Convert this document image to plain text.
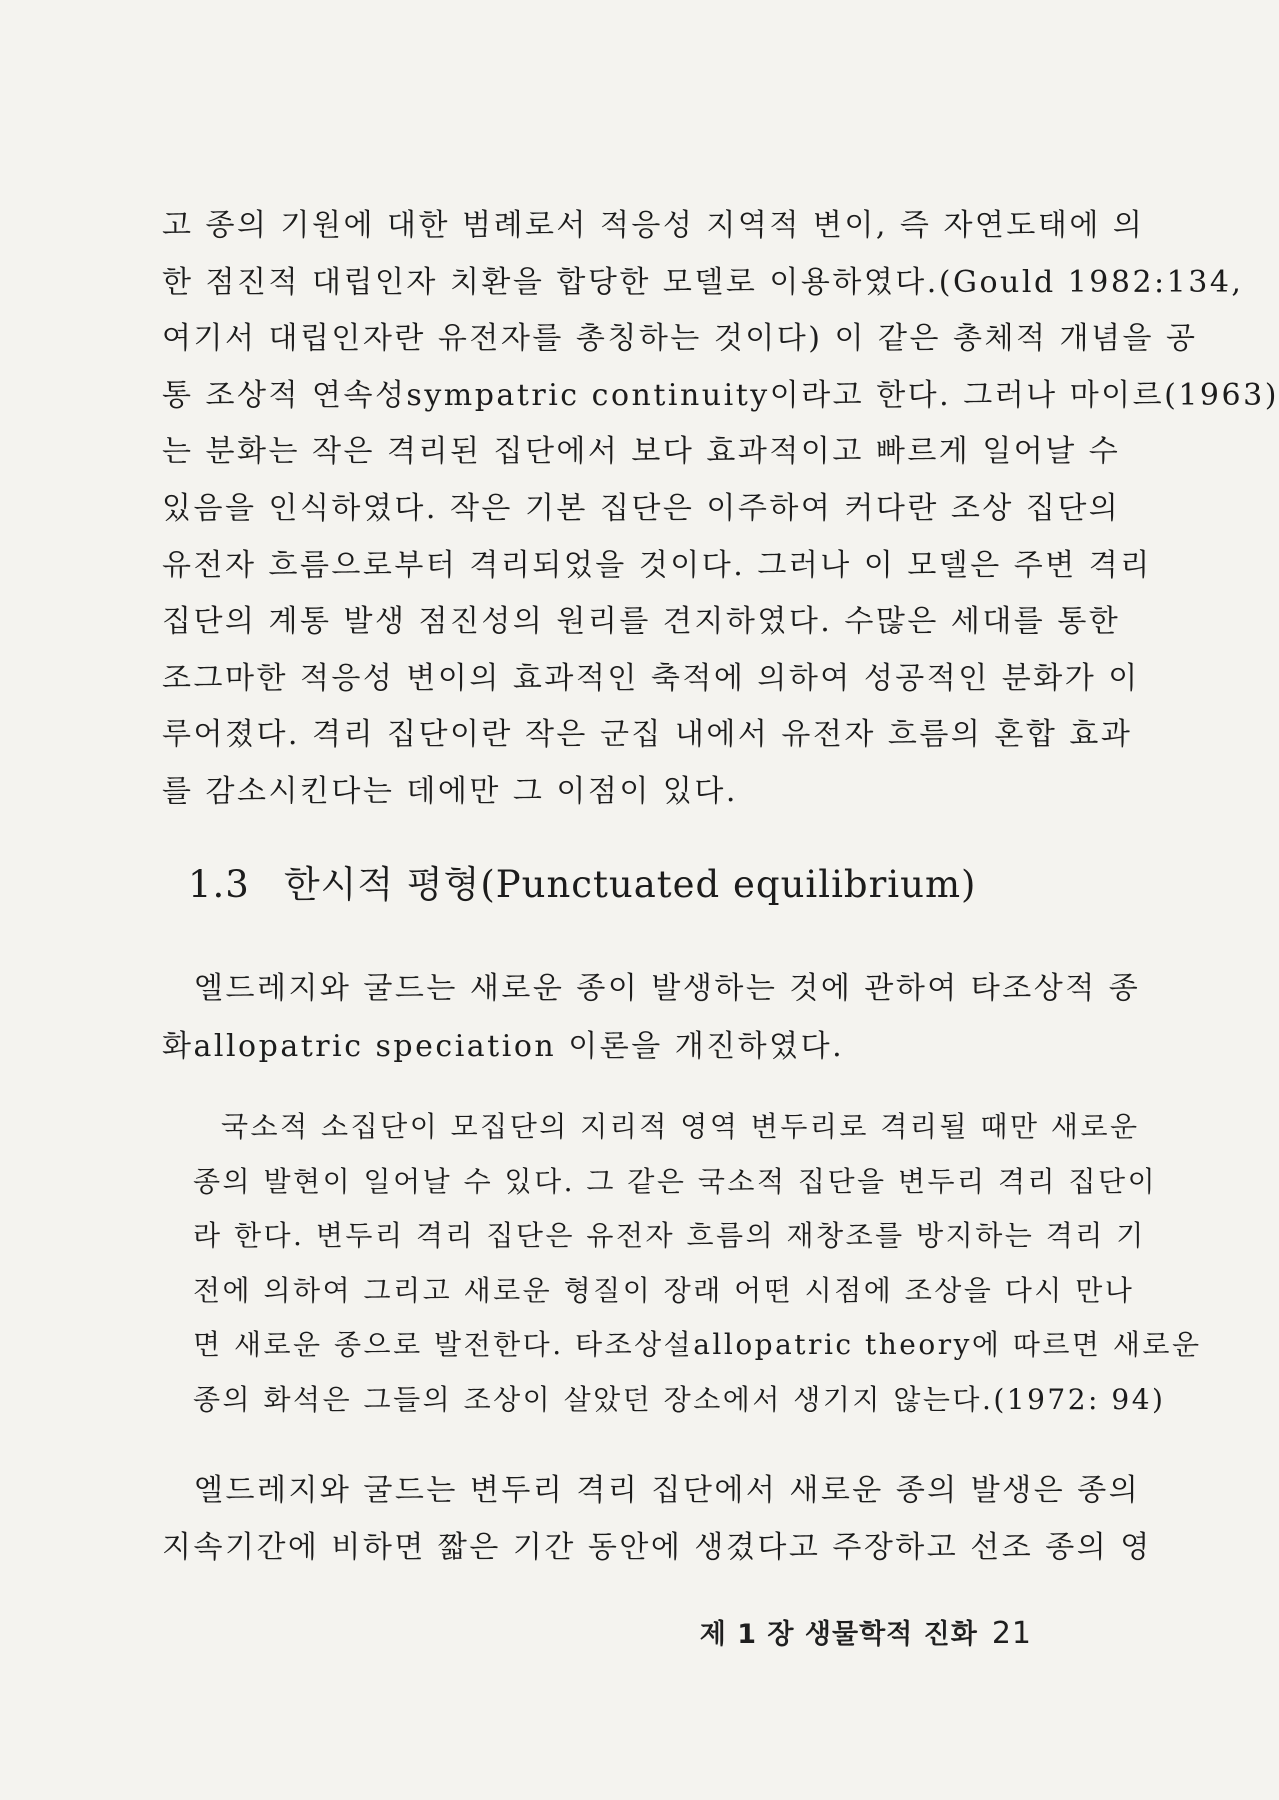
고 종의 기원에 대한 범례로서 적응성 지역적 변이, 즉 자연도태에 의
한 점진적 대립인자 치환을 합당한 모델로 이용하였다.(Gould 1982:134,
여기서 대립인자란 유전자를 총칭하는 것이다) 이 같은 총체적 개념을 공
통 조상적 연속성sympatric continuity이라고 한다. 그러나 마이르(1963)
는 분화는 작은 격리된 집단에서 보다 효과적이고 빠르게 일어날 수
있음을 인식하였다. 작은 기본 집단은 이주하여 커다란 조상 집단의
유전자 흐름으로부터 격리되었을 것이다. 그러나 이 모델은 주변 격리
집단의 계통 발생 점진성의 원리를 견지하였다. 수많은 세대를 통한
조그마한 적응성 변이의 효과적인 축적에 의하여 성공적인 분화가 이
루어졌다. 격리 집단이란 작은 군집 내에서 유전자 흐름의 혼합 효과
를 감소시킨다는 데에만 그 이점이 있다.
1.3 한시적 평형(Punctuated equilibrium)
엘드레지와 굴드는 새로운 종이 발생하는 것에 관하여 타조상적 종
화allopatric speciation 이론을 개진하였다.
국소적 소집단이 모집단의 지리적 영역 변두리로 격리될 때만 새로운
종의 발현이 일어날 수 있다. 그 같은 국소적 집단을 변두리 격리 집단이
라 한다. 변두리 격리 집단은 유전자 흐름의 재창조를 방지하는 격리 기
전에 의하여 그리고 새로운 형질이 장래 어떤 시점에 조상을 다시 만나
면 새로운 종으로 발전한다. 타조상설allopatric theory에 따르면 새로운
종의 화석은 그들의 조상이 살았던 장소에서 생기지 않는다.(1972: 94)
엘드레지와 굴드는 변두리 격리 집단에서 새로운 종의 발생은 종의
지속기간에 비하면 짧은 기간 동안에 생겼다고 주장하고 선조 종의 영
제 1 장 생물학적 진화 21
